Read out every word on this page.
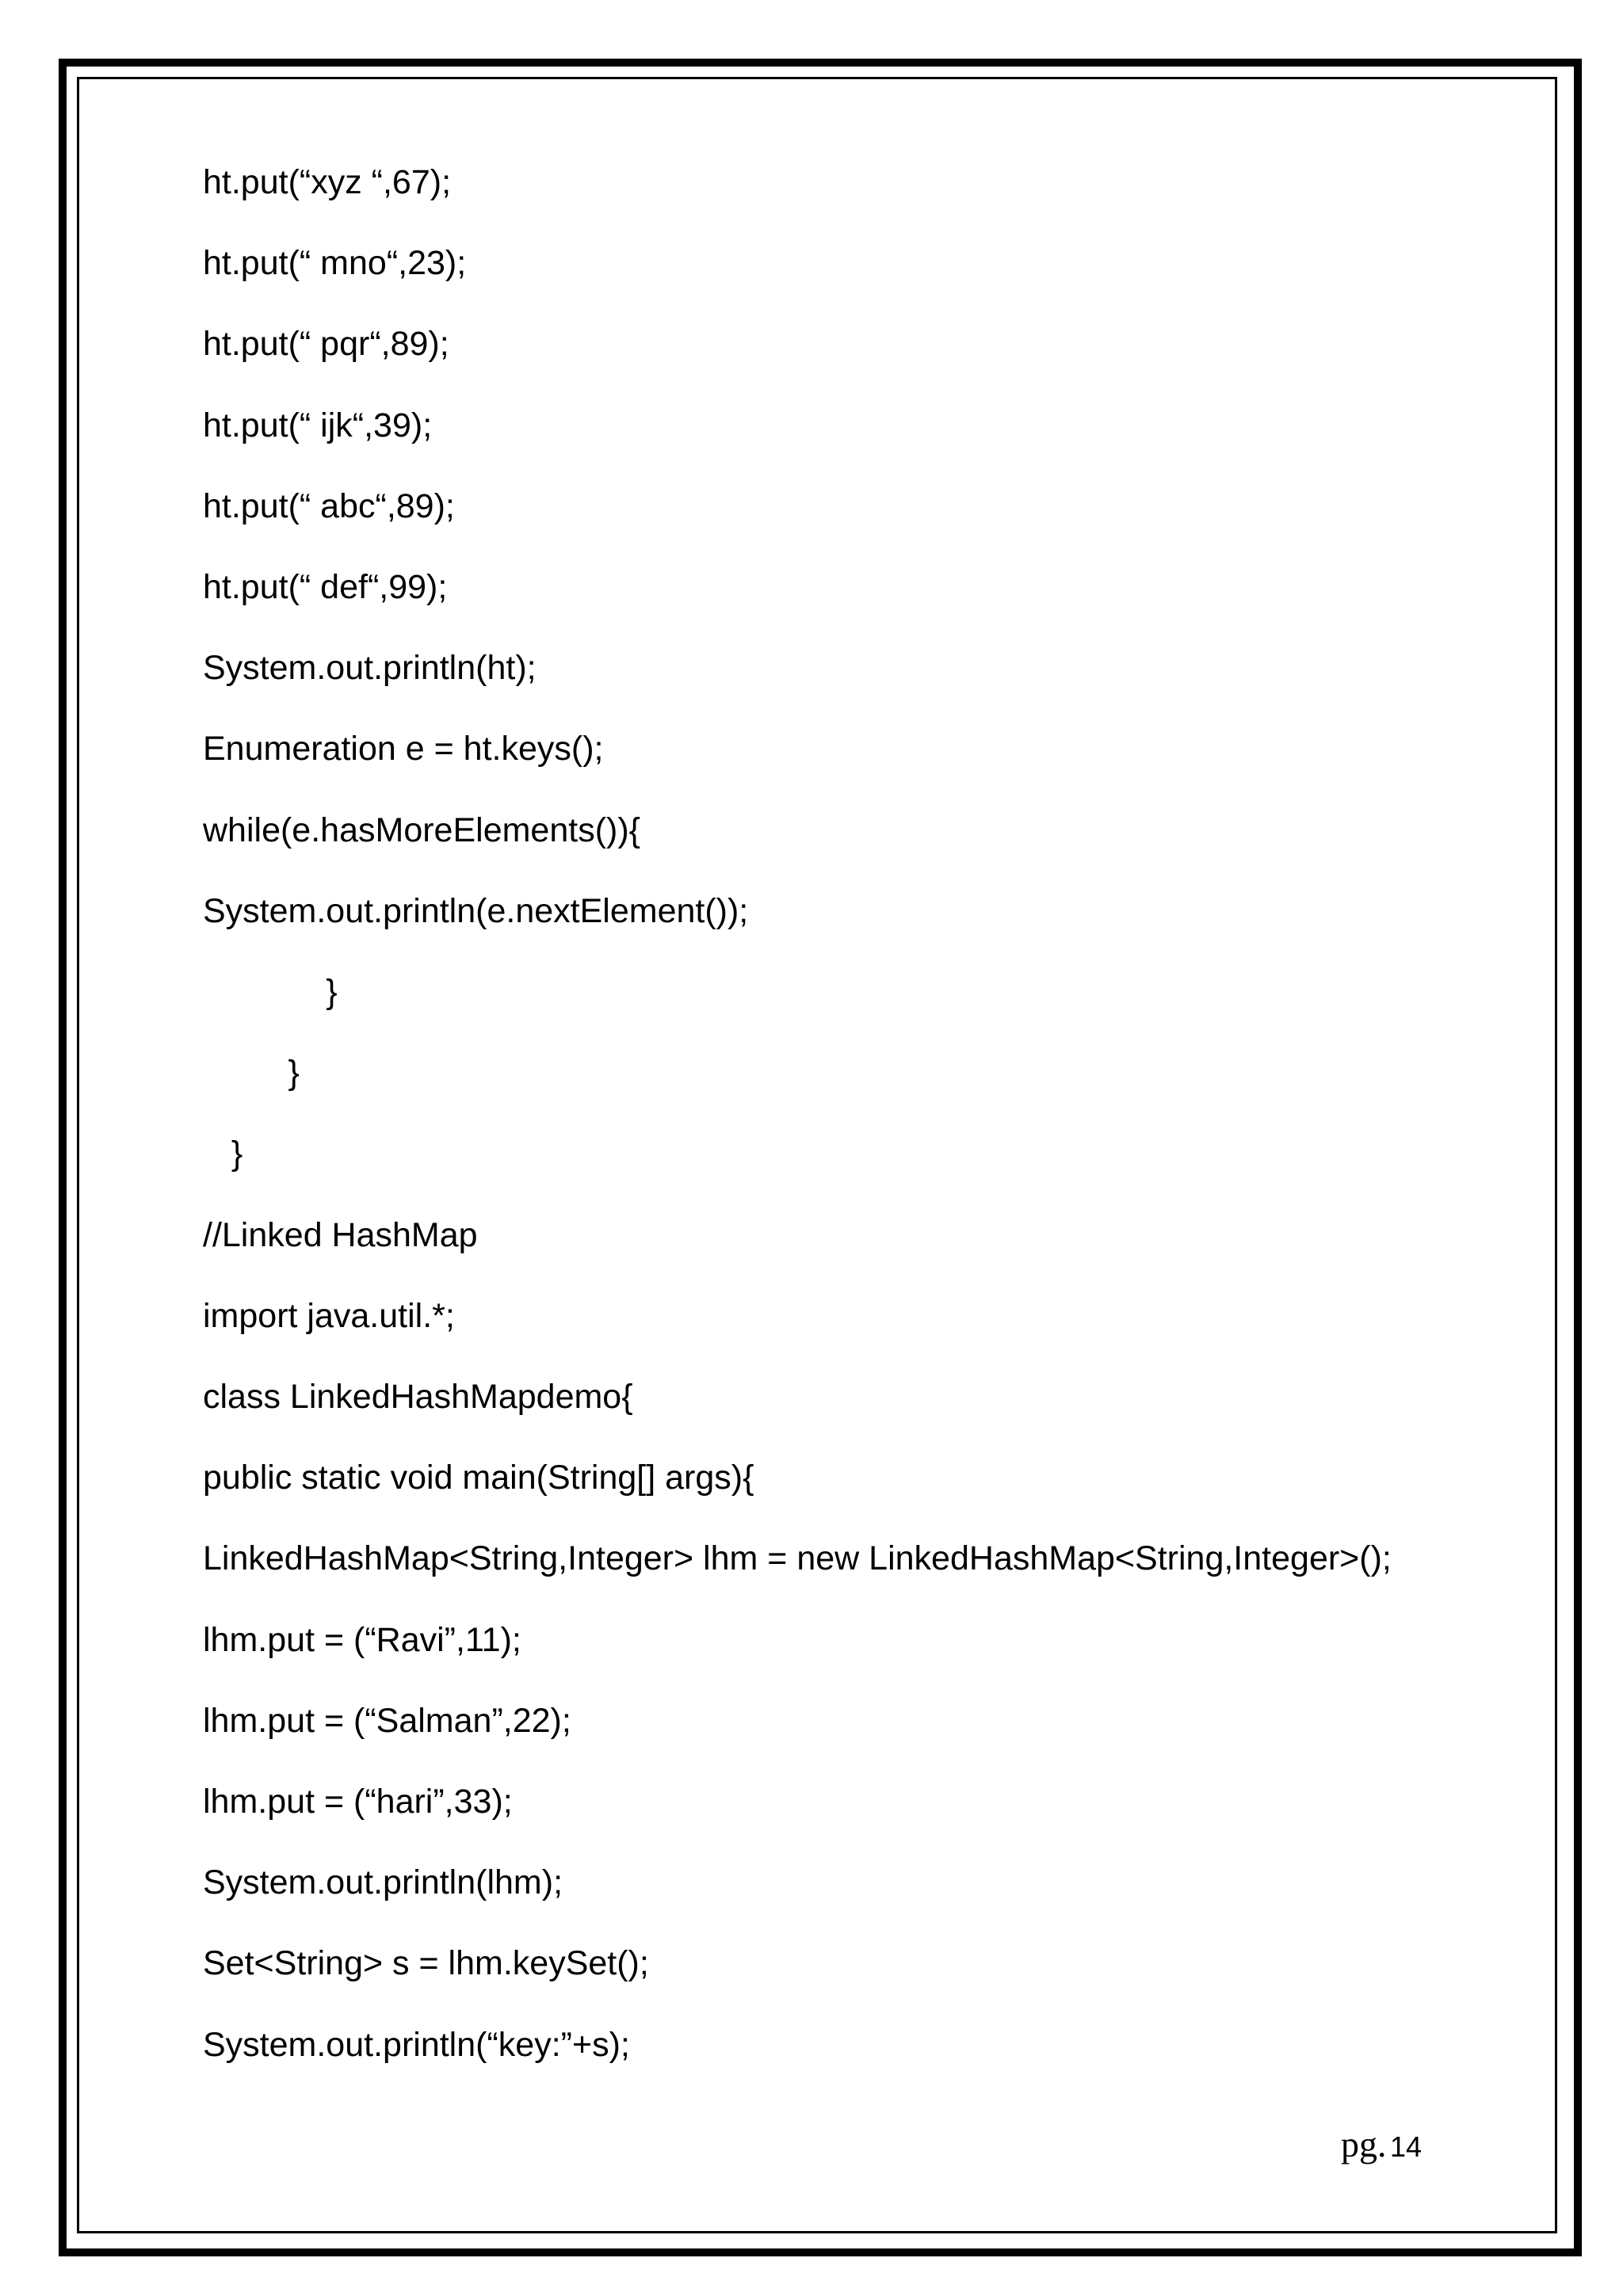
ht.put(“xyz “,67);
ht.put(“ mno“,23);
ht.put(“ pqr“,89);
ht.put(“ ijk“,39);
ht.put(“ abc“,89);
ht.put(“ def“,99);
System.out.println(ht);
Enumeration e = ht.keys();
while(e.hasMoreElements()){
System.out.println(e.nextElement());
}
}
}
//Linked HashMap
import java.util.*;
class LinkedHashMapdemo{
public static void main(String[] args){
LinkedHashMap<String,Integer> lhm = new LinkedHashMap<String,Integer>();
lhm.put = (“Ravi”,11);
lhm.put = (“Salman”,22);
lhm.put = (“hari”,33);
System.out.println(lhm);
Set<String> s = lhm.keySet();
System.out.println(“key:”+s);
pg. 14
